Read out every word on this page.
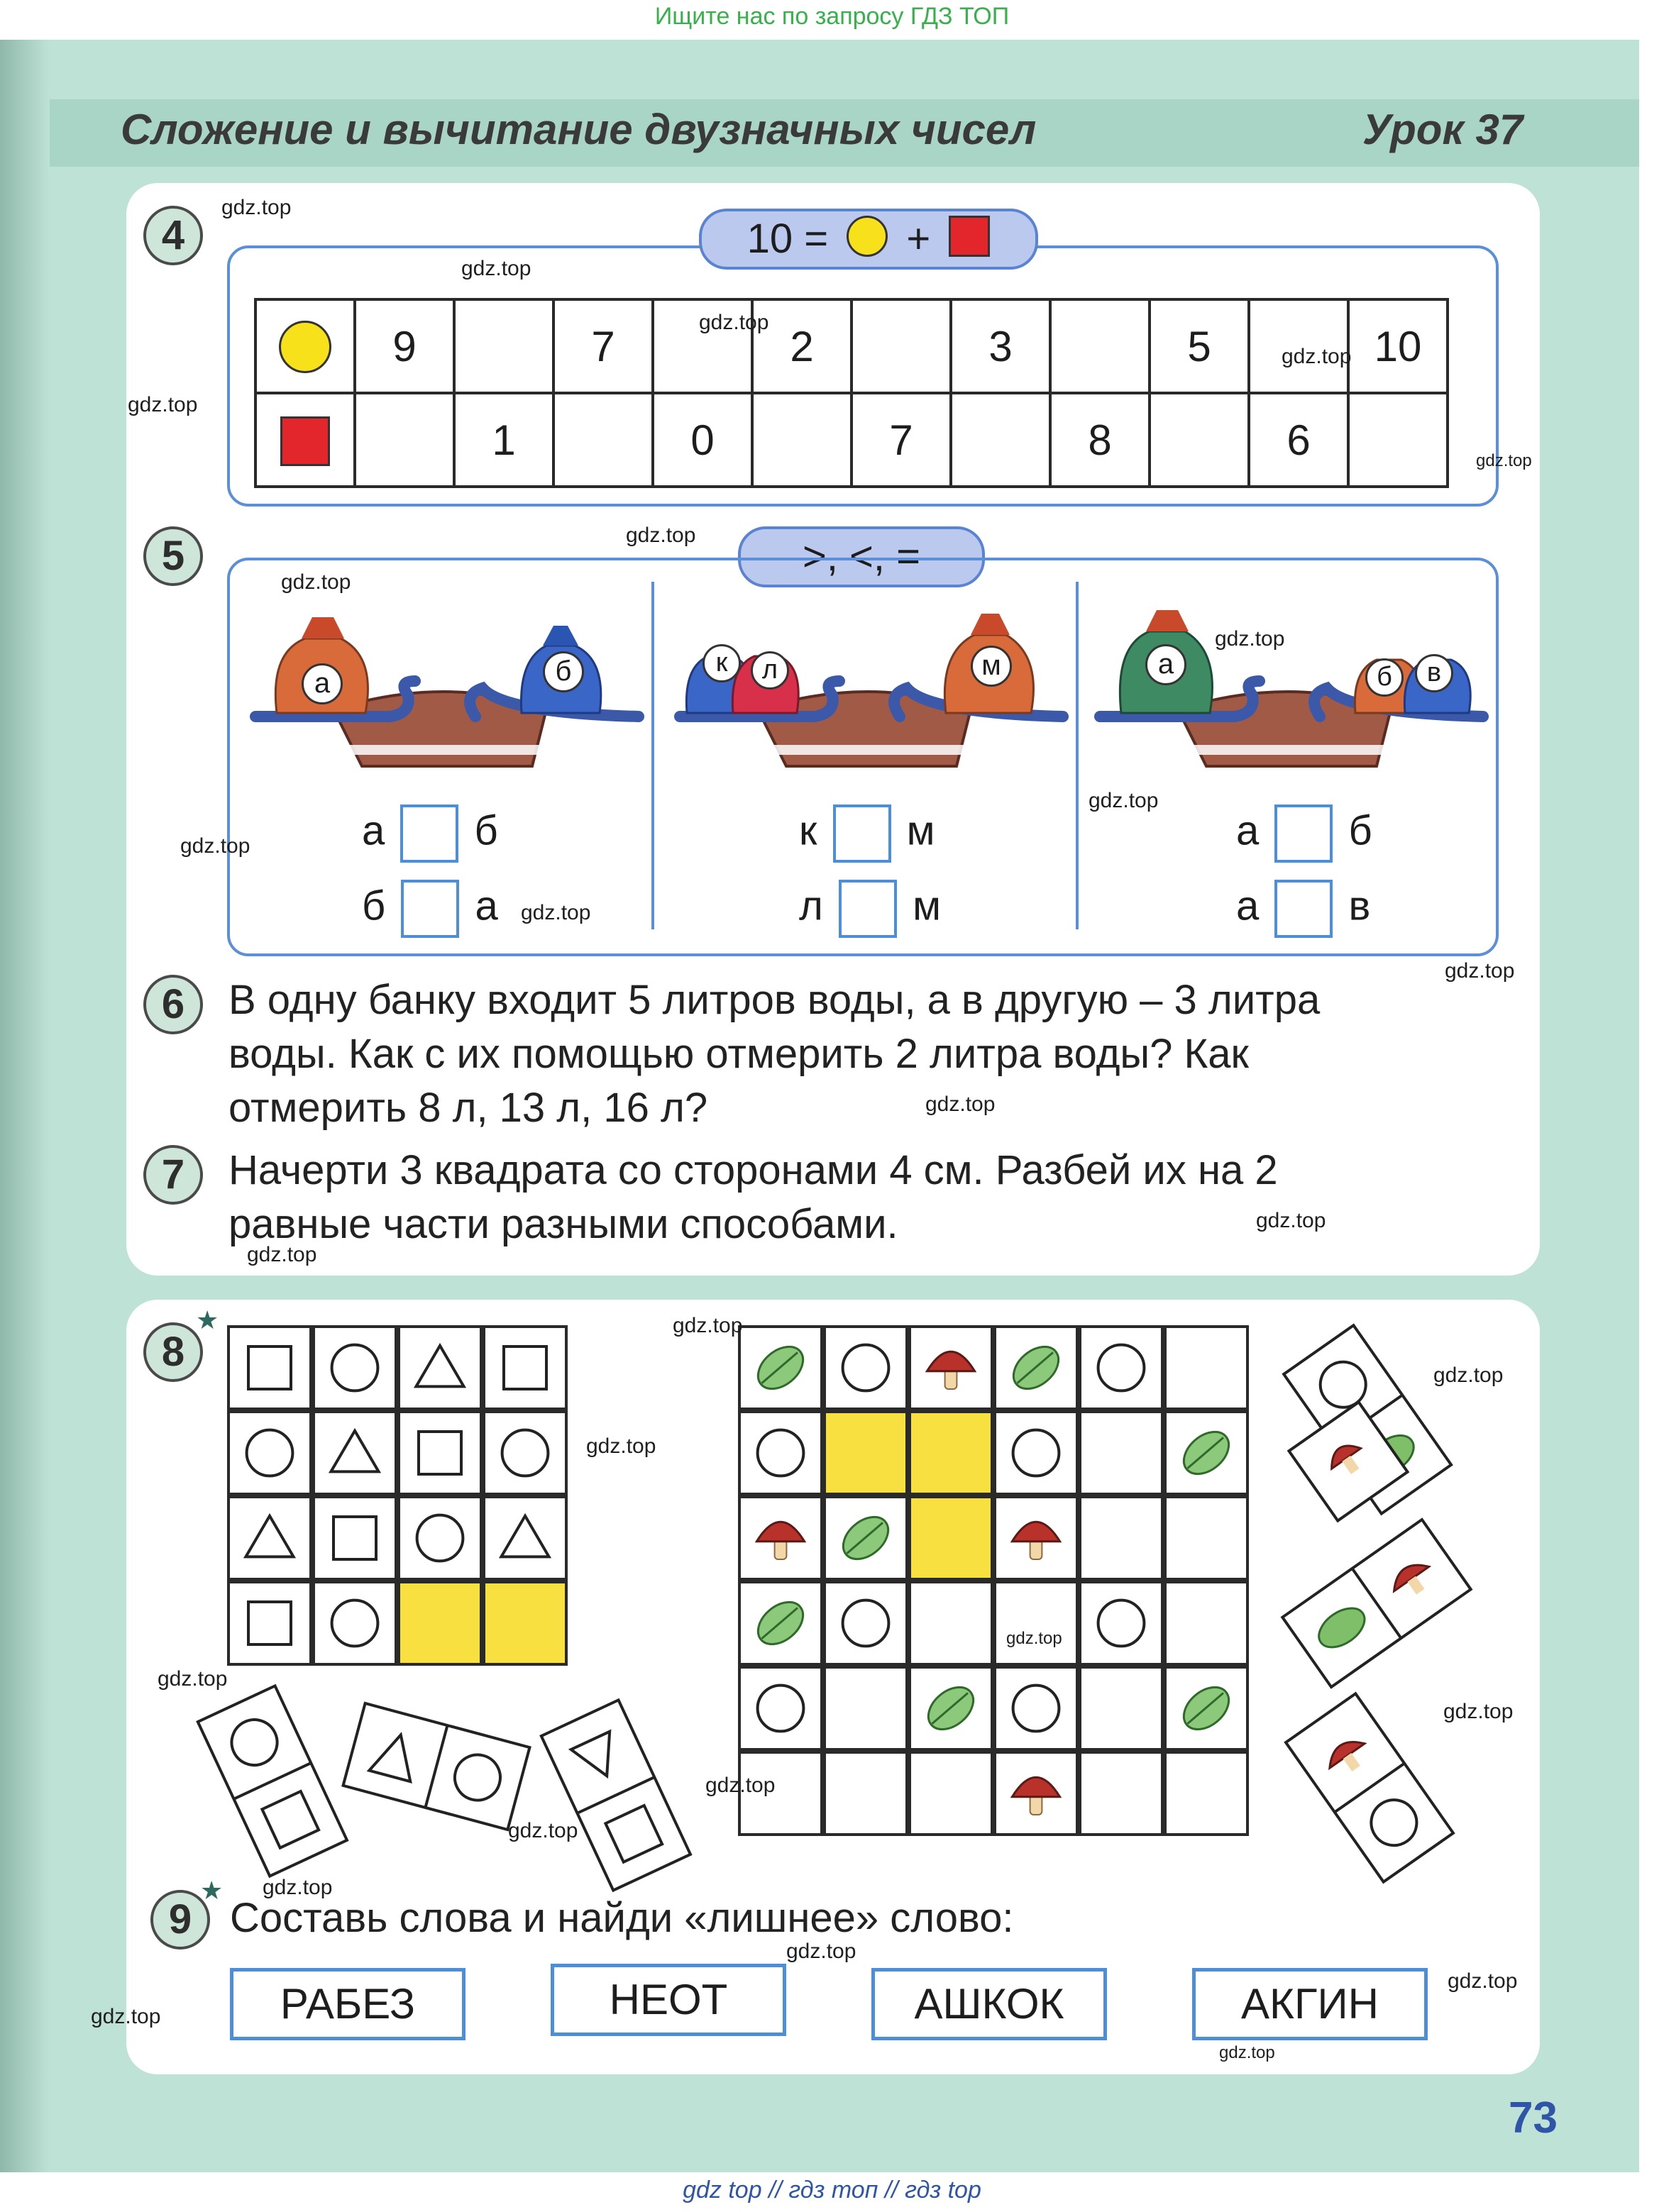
Ищите нас по запросу ГДЗ ТОП
Сложение и вычитание двузначных чисел	Урок 37
4	10 = +
	9		7		2		3		5		10
		1		0		7		8		6	
5	>, <, =
а	б
а б
б а
к	л	м
к м
л м
а	б	в
а б
а в
6	В одну банку входит 5 литров воды, а в другую – 3 литра
воды. Как с их помощью отмерить 2 литра воды? Как
отмерить 8 л, 13 л, 16 л?
7	Начерти 3 квадрата со сторонами 4 см. Разбей их на 2
равные части разными способами.
8
★
9
★
Составь слова и найди «лишнее» слово:
РАБЕЗ	НЕОТ	АШКОК	АКГИН
73
gdz.top
gdz.top
gdz.top
gdz.top
gdz.top
gdz.top
gdz.top
gdz.top
gdz.top
gdz.top
gdz.top
gdz.top
gdz.top
gdz.top
gdz.top
gdz.top
gdz.top
gdz.top
gdz.top
gdz.top
gdz.top
gdz.top
gdz.top
gdz.top
gdz.top
gdz.top
gdz.top
gdz.top
gdz.top
gdz top // гдз топ // гдз top
